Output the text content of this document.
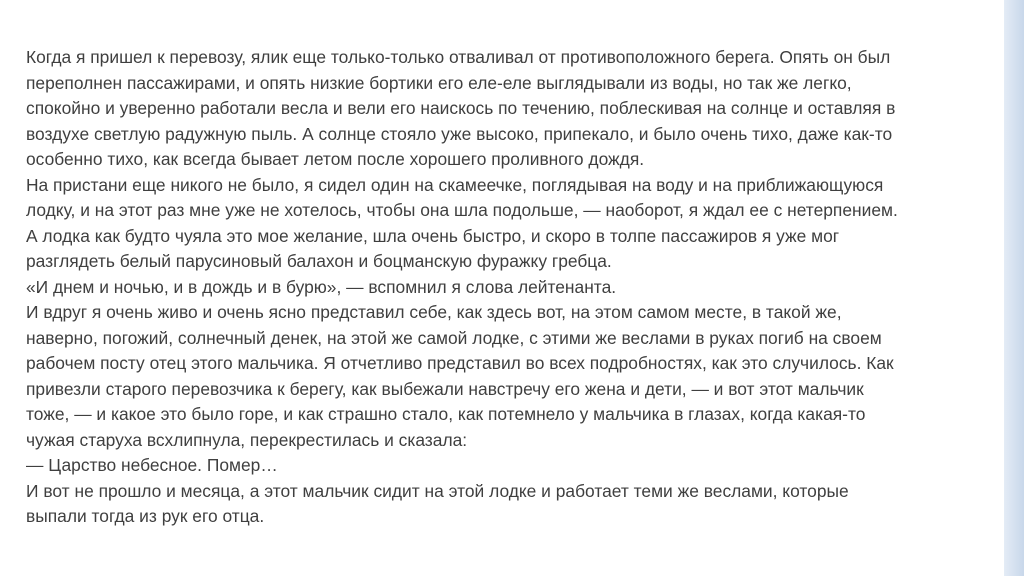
Когда я пришел к перевозу, ялик еще только-только отваливал от противоположного берега. Опять он был
переполнен пассажирами, и опять низкие бортики его еле-еле выглядывали из воды, но так же легко,
спокойно и уверенно работали весла и вели его наискось по течению, поблескивая на солнце и оставляя в
воздухе светлую радужную пыль. А солнце стояло уже высоко, припекало, и было очень тихо, даже как-то
особенно тихо, как всегда бывает летом после хорошего проливного дождя.
На пристани еще никого не было, я сидел один на скамеечке, поглядывая на воду и на приближающуюся
лодку, и на этот раз мне уже не хотелось, чтобы она шла подольше, — наоборот, я ждал ее с нетерпением.
А лодка как будто чуяла это мое желание, шла очень быстро, и скоро в толпе пассажиров я уже мог
разглядеть белый парусиновый балахон и боцманскую фуражку гребца.
«И днем и ночью, и в дождь и в бурю», — вспомнил я слова лейтенанта.
И вдруг я очень живо и очень ясно представил себе, как здесь вот, на этом самом месте, в такой же,
наверно, погожий, солнечный денек, на этой же самой лодке, с этими же веслами в руках погиб на своем
рабочем посту отец этого мальчика. Я отчетливо представил во всех подробностях, как это случилось. Как
привезли старого перевозчика к берегу, как выбежали навстречу его жена и дети, — и вот этот мальчик
тоже, — и какое это было горе, и как страшно стало, как потемнело у мальчика в глазах, когда какая-то
чужая старуха всхлипнула, перекрестилась и сказала:
— Царство небесное. Помер…
И вот не прошло и месяца, а этот мальчик сидит на этой лодке и работает теми же веслами, которые
выпали тогда из рук его отца.
